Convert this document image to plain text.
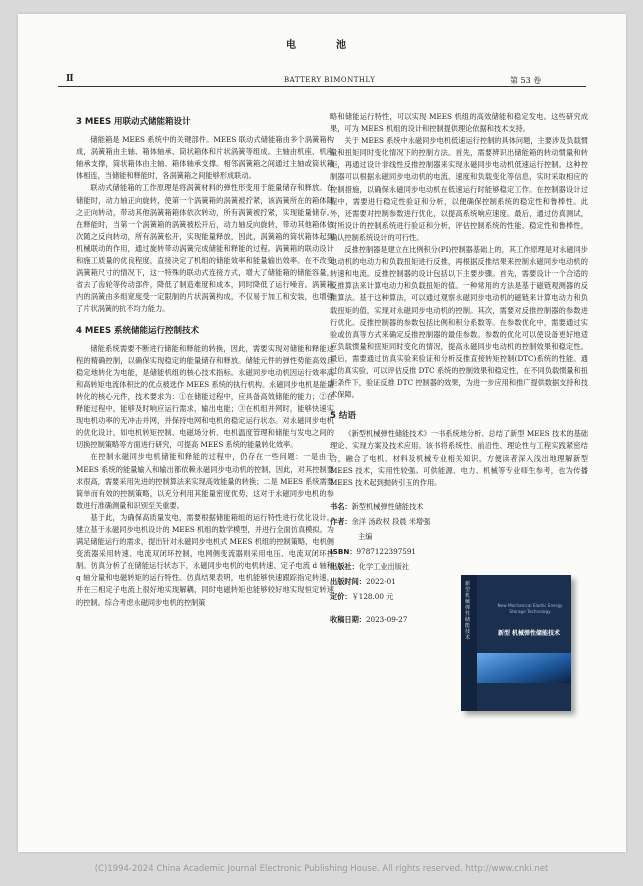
电池
BATTERY BIMONTHLY
Ⅱ	第 53 卷
3 MEES 用联动式储能箱设计

储能箱是 MEES 系统中的关键部件。MEES 联动式储能箱由多个涡簧箱构成，涡簧箱由主轴、箱体轴承、筒状箱体和片状涡簧等组成。主轴由机座、机座轴承支撑，筒状箱体由主轴、箱体轴承支撑。相邻涡簧箱之间通过主轴或筒状箱体相连，当储能和释能时，各涡簧箱之间能够形成联动。

联动式储能箱的工作原理是将涡簧材料的弹性形变用于能量储存和释放。在储能时，动力轴正向旋转，使第一个涡簧箱的涡簧被拧紧，该涡簧所在的箱体随之正向转动，带动其他涡簧箱箱体依次转动，所有涡簧被拧紧，实现能量储存。在释能时，当第一个涡簧箱的涡簧被松开后，动力轴反向旋转，带动其他箱体依次随之反向转动，所有涡簧松开，实现能量释放，因此，涡簧箱的筒状箱体起到机械联动的作用，通过旋转带动涡簧完成储能和释能的过程。涡簧箱的联动设计和施工质量的优良程度，直接决定了机组的储能效率和能量输出效率。在不改变涡簧箱尺寸的情况下，这一特殊的联动式连接方式，增大了储能箱的储能容量，省去了齿轮等传动部件，降低了制造难度和成本，同时降低了运行噪音。涡簧箱内的涡簧由多组宽度受一定限制的片状涡簧构成，不仅易于加工和安装，也增强了片状涡簧的抗不均力能力。

4 MEES 系统储能运行控制技术

储能系统需要不断进行储能和释能的转换，因此，需要实现对储能和释能过程的精确控制，以确保实现稳定的能量储存和释放。储能元件的弹性势能高效且稳定地转化为电能，是储能机组的核心技术指标。永磁同步电动机因运行效率高和高转矩电流体积比的优点被选作 MEES 系统的执行机构。永磁同步电机是能量转化的核心元件，技术要求为：①在储能过程中，应具备高效储能的能力；②在释能过程中，能够及时响应运行需求，输出电能；③在机组并网时，能够快速实现电机功率的无冲击并网，并保持电网和电机的稳定运行状态。对永磁同步电机的优化设计，如电机转矩控制、电磁场分析、电机温度管理和储能与发电之间的切换控制策略等方面进行研究，可提高 MEES 系统的能量转化效率。

在控制永磁同步电机储能和释能的过程中，仍存在一些问题：一是由于 MEES 系统的能量输入和输出都依赖永磁同步电动机的控制，因此，对其控制要求很高，需要采用先进的控制算法来实现高效能量的转换；二是 MEES 系统需要简单而有效的控制策略，以充分利用其能量密度优势，这对于永磁同步电机的参数进行准确测量和识别至关重要。

基于此，为确保高质量发电，需要根据储能箱组的运行特性进行优化设计。建立基于永磁同步电机设计的 MEES 机组的数学模型，并进行全面仿真模拟。为满足储能运行的需求，提出针对永磁同步电机式 MEES 机组的控制策略，电机侧变流器采用转速、电流双闭环控制，电网侧变流器则采用电压、电流双闭环控制。仿真分析了在储能运行状态下，永磁同步电机的电机转速、定子电流 d 轴和 q 轴分量和电磁转矩的运行特性。仿真结果表明，电机能够快速跟踪指定转速，并在三相定子电流上很好地实现解耦，同时电磁转矩也能够较好地实现恒定转速的控制。综合考虑永磁同步电机的控制策

略和储能运行特性，可以实现 MEES 机组的高效储能和稳定发电。这些研究成果，可为 MEES 机组的设计和控制提供理论依据和技术支持。

关于 MEES 系统中永磁同步电机低速运行控制的具体问题，主要涉及负载惯量和扭矩同时变化情况下的控制方法。首先，需要辨识出储能箱的转动惯量和转矩，再通过设计非线性反推控制器来实现永磁同步电动机低速运行控制。这种控制器可以根据永磁同步电动机的电流、速度和负载变化等信息，实时采取相应的控制措施，以确保永磁同步电动机在低速运行时能够稳定工作。在控制器设计过程中，需要进行稳定性验证和分析，以便确保控制系统的稳定性和鲁棒性。此外，还需要对控制参数进行优化，以提高系统响应速度。最后，通过仿真测试，对所设计的控制系统进行验证和分析，评估控制系统的性能、稳定性和鲁棒性，确认控制系统设计的可行性。

反推控制器是建立在比例积分(PI)控制器基础上的，其工作原理是对永磁同步电动机的电动力和负载扭矩进行反推，再根据反推结果来控制永磁同步电动机的转速和电流。反推控制器的设计包括以下主要步骤。首先，需要设计一个合适的反推算法来计算电动力和负载扭矩的值。一种常用的方法是基于磁链观测器的反推算法。基于这种算法，可以通过观察永磁同步电动机的磁链来计算电动力和负载扭矩的值，实现对永磁同步电动机的控制。其次，需要对反推控制器的参数进行优化。反推控制器的参数包括比例和积分系数等。在参数优化中，需要通过实验或仿真等方式来确定反推控制器的最佳参数。参数的优化可以使设备更好地适应负载惯量和扭矩同时变化的情况，提高永磁同步电动机的控制效果和稳定性。最后，需要通过仿真实验来验证和分析反推直接转矩控制(DTC)系统的性能。通过仿真实验，可以评估反推 DTC 系统的控制效果和稳定性，在不同负载惯量和扭矩条件下，验证反推 DTC 控制器的效果，为进一步应用和推广提供数据支持和技术保障。

5 结语

《新型机械弹性储能技术》一书系统地分析、总结了新型 MEES 技术的基础理论、实现方案及技术应用。该书将系统性、前沿性、理论性与工程实践紧密结合，融合了电机、材料及机械专业相关知识，方便读者深入浅出地理解新型 MEES 技术，实用性较强。可供能源、电力、机械等专业师生参考，也为传播 MEES 技术起到抛砖引玉的作用。

书名：新型机械弹性储能技术
作者：余洋 汤政权 段晨 米增强
主编
ISBN：9787122397591
出版社：化学工业出版社
出版时间：2022-01
定价：￥128.00 元
收稿日期：2023-09-27
新型机械弹性储能技术
New Mechanical Elastic Energy Storage Technology
新型 机械弹性储能技术
(C)1994-2024 China Academic Journal Electronic Publishing House. All rights reserved. http://www.cnki.net
